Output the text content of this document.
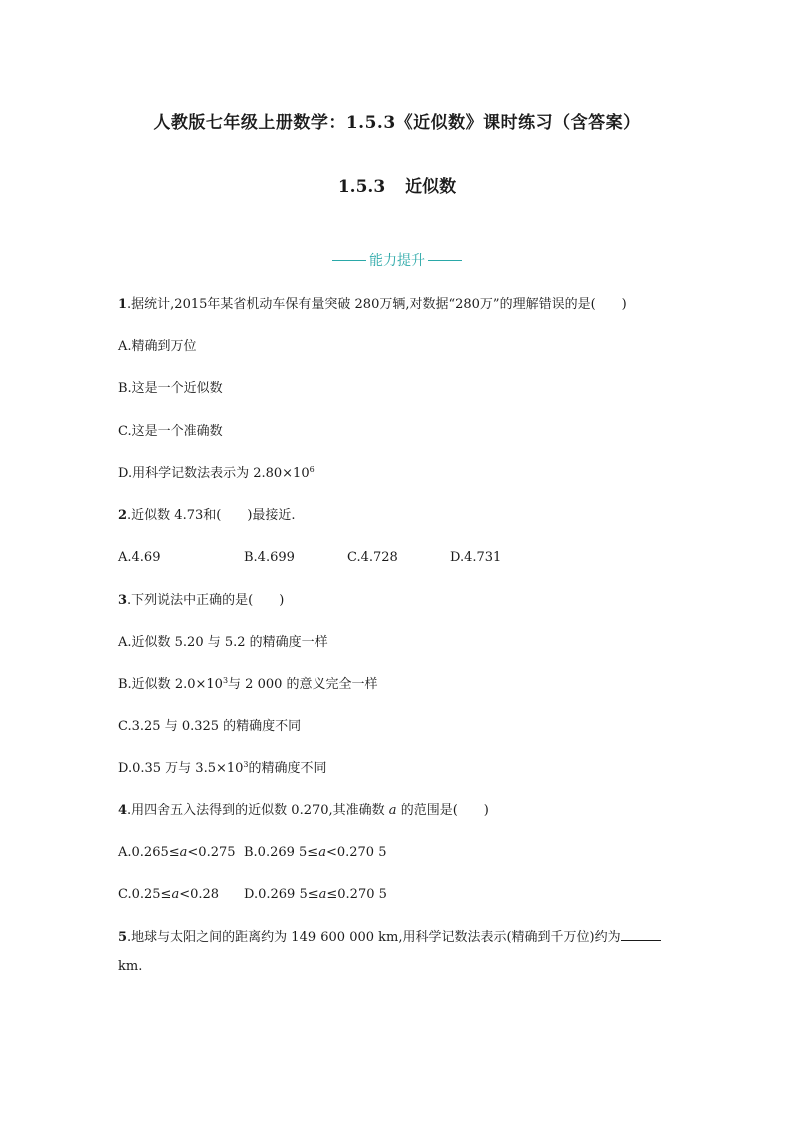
人教版七年级上册数学：1.5.3《近似数》课时练习（含答案）
1.5.3 近似数
能力提升
1.据统计,2015年某省机动车保有量突破 280万辆,对数据“280万”的理解错误的是(　　)
A.精确到万位
B.这是一个近似数
C.这是一个准确数
D.用科学记数法表示为 $2.80\times 10^6$
2.近似数 4.73和(　　)最接近.
A.4.69	B.4.699	C.4.728	D.4.731
3.下列说法中正确的是(　　)
A.近似数 5.20 与 5.2 的精确度一样
B.近似数 $2.0\times 10^3$与 2 000 的意义完全一样
C.3.25 与 0.325 的精确度不同
D.0.35 万与 $3.5\times 10^3$的精确度不同
4.用四舍五入法得到的近似数 0.270,其准确数 a 的范围是(　　)
A.0.265≤a<0.275 B.0.269 5≤a<0.270 5
C.0.25≤a<0.28 D.0.269 5≤a≤0.270 5
5.地球与太阳之间的距离约为 149 600 000 km,用科学记数法表示(精确到千万位)约为
km.
